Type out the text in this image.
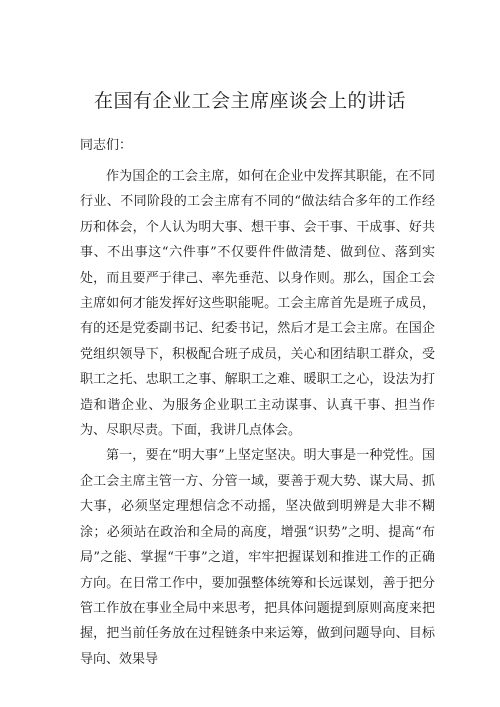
在国有企业工会主席座谈会上的讲话

同志们：

作为国企的工会主席，如何在企业中发挥其职能，在不同行业、不同阶段的工会主席有不同的“做法结合多年的工作经历和体会，个人认为明大事、想干事、会干事、干成事、好共事、不出事这“六件事”不仅要件件做清楚、做到位、落到实处，而且要严于律己、率先垂范、以身作则。那么，国企工会主席如何才能发挥好这些职能呢。工会主席首先是班子成员，有的还是党委副书记、纪委书记，然后才是工会主席。在国企党组织领导下，积极配合班子成员，关心和团结职工群众，受职工之托、忠职工之事、解职工之难、暖职工之心，设法为打造和谐企业、为服务企业职工主动谋事、认真干事、担当作为、尽职尽责。下面，我讲几点体会。

第一，要在“明大事”上坚定坚决。明大事是一种党性。国企工会主席主管一方、分管一域，要善于观大势、谋大局、抓大事，必须坚定理想信念不动摇，坚决做到明辨是大非不糊涂；必须站在政治和全局的高度，增强“识势”之明、提高“布局”之能、掌握“干事”之道，牢牢把握谋划和推进工作的正确方向。在日常工作中，要加强整体统筹和长远谋划，善于把分管工作放在事业全局中来思考，把具体问题提到原则高度来把握，把当前任务放在过程链条中来运筹，做到问题导向、目标导向、效果导
